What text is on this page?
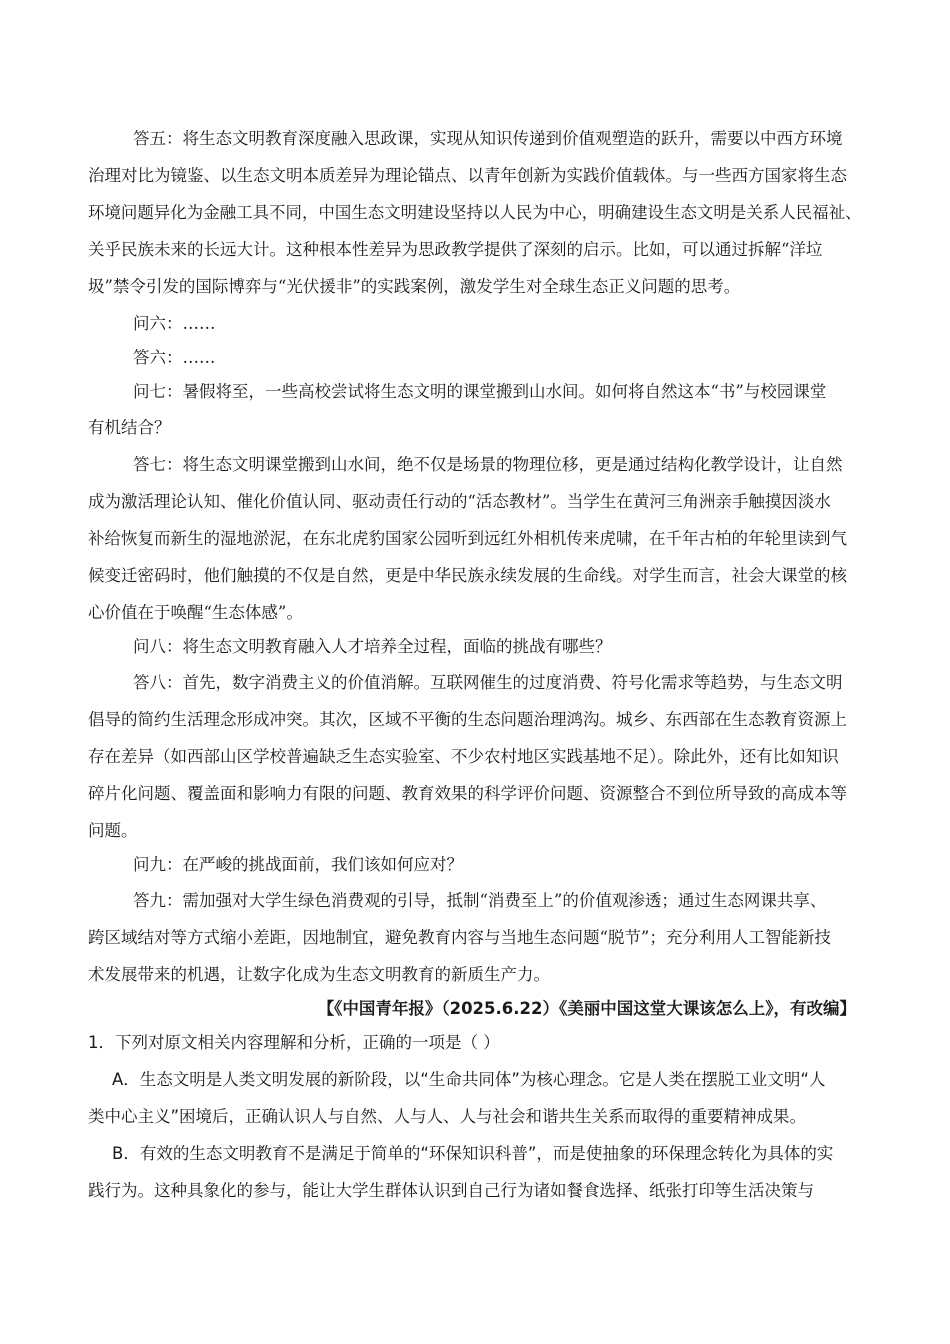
答五：将生态文明教育深度融入思政课，实现从知识传递到价值观塑造的跃升，需要以中西方环境
治理对比为镜鉴、以生态文明本质差异为理论锚点、以青年创新为实践价值载体。与一些西方国家将生态
环境问题异化为金融工具不同，中国生态文明建设坚持以人民为中心，明确建设生态文明是关系人民福祉、
关乎民族未来的长远大计。这种根本性差异为思政教学提供了深刻的启示。比如，可以通过拆解“洋垃
圾”禁令引发的国际博弈与“光伏援非”的实践案例，激发学生对全球生态正义问题的思考。
问六：……
答六：……
问七：暑假将至，一些高校尝试将生态文明的课堂搬到山水间。如何将自然这本“书”与校园课堂
有机结合？
答七：将生态文明课堂搬到山水间，绝不仅是场景的物理位移，更是通过结构化教学设计，让自然
成为激活理论认知、催化价值认同、驱动责任行动的“活态教材”。当学生在黄河三角洲亲手触摸因淡水
补给恢复而新生的湿地淤泥，在东北虎豹国家公园听到远红外相机传来虎啸，在千年古柏的年轮里读到气
候变迁密码时，他们触摸的不仅是自然，更是中华民族永续发展的生命线。对学生而言，社会大课堂的核
心价值在于唤醒“生态体感”。
问八：将生态文明教育融入人才培养全过程，面临的挑战有哪些？
答八：首先，数字消费主义的价值消解。互联网催生的过度消费、符号化需求等趋势，与生态文明
倡导的简约生活理念形成冲突。其次，区域不平衡的生态问题治理鸿沟。城乡、东西部在生态教育资源上
存在差异（如西部山区学校普遍缺乏生态实验室、不少农村地区实践基地不足）。除此外，还有比如知识
碎片化问题、覆盖面和影响力有限的问题、教育效果的科学评价问题、资源整合不到位所导致的高成本等
问题。
问九：在严峻的挑战面前，我们该如何应对？
答九：需加强对大学生绿色消费观的引导，抵制“消费至上”的价值观渗透；通过生态网课共享、
跨区域结对等方式缩小差距，因地制宜，避免教育内容与当地生态问题“脱节”；充分利用人工智能新技
术发展带来的机遇，让数字化成为生态文明教育的新质生产力。
【《中国青年报》（2025.6.22）《美丽中国这堂大课该怎么上》，有改编】
1．下列对原文相关内容理解和分析，正确的一项是（ ）
A．生态文明是人类文明发展的新阶段，以“生命共同体”为核心理念。它是人类在摆脱工业文明“人
类中心主义”困境后，正确认识人与自然、人与人、人与社会和谐共生关系而取得的重要精神成果。
B．有效的生态文明教育不是满足于简单的“环保知识科普”，而是使抽象的环保理念转化为具体的实
践行为。这种具象化的参与，能让大学生群体认识到自己行为诸如餐食选择、纸张打印等生活决策与
